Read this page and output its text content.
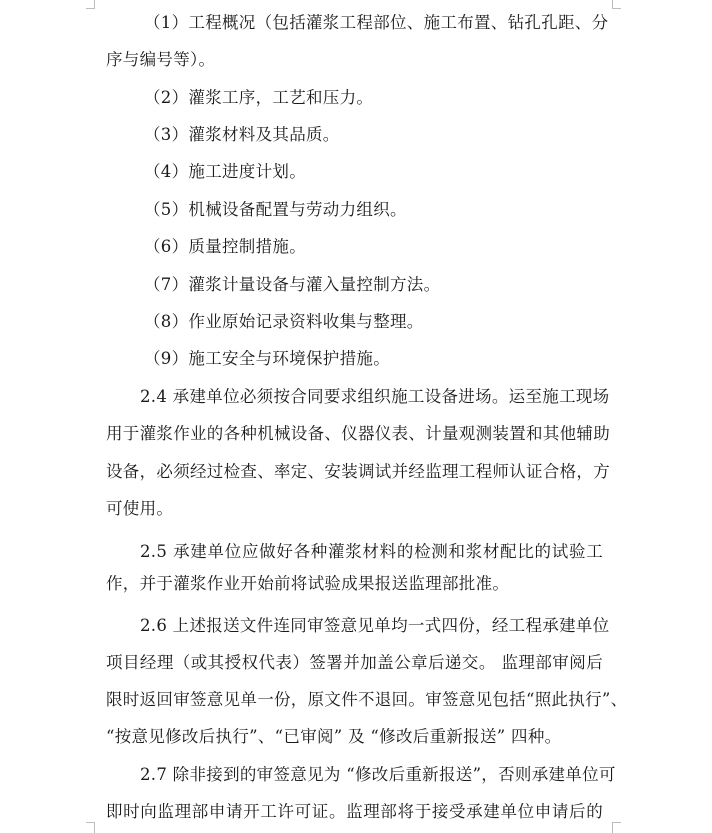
（1）工程概况（包括灌浆工程部位、施工布置、钻孔孔距、分
序与编号等）。
（2）灌浆工序，工艺和压力。
（3）灌浆材料及其品质。
（4）施工进度计划。
（5）机械设备配置与劳动力组织。
（6）质量控制措施。
（7）灌浆计量设备与灌入量控制方法。
（8）作业原始记录资料收集与整理。
（9）施工安全与环境保护措施。
2.4 承建单位必须按合同要求组织施工设备进场。运至施工现场
用于灌浆作业的各种机械设备、仪器仪表、计量观测装置和其他辅助
设备，必须经过检查、率定、安装调试并经监理工程师认证合格，方
可使用。
2.5 承建单位应做好各种灌浆材料的检测和浆材配比的试验工
作，并于灌浆作业开始前将试验成果报送监理部批准。
2.6 上述报送文件连同审签意见单均一式四份，经工程承建单位
项目经理（或其授权代表）签署并加盖公章后递交。 监理部审阅后
限时返回审签意见单一份，原文件不退回。审签意见包括“照此执行”、
“按意见修改后执行”、“已审阅” 及 “修改后重新报送” 四种。
2.7 除非接到的审签意见为 “修改后重新报送”，否则承建单位可
即时向监理部申请开工许可证。监理部将于接受承建单位申请后的
